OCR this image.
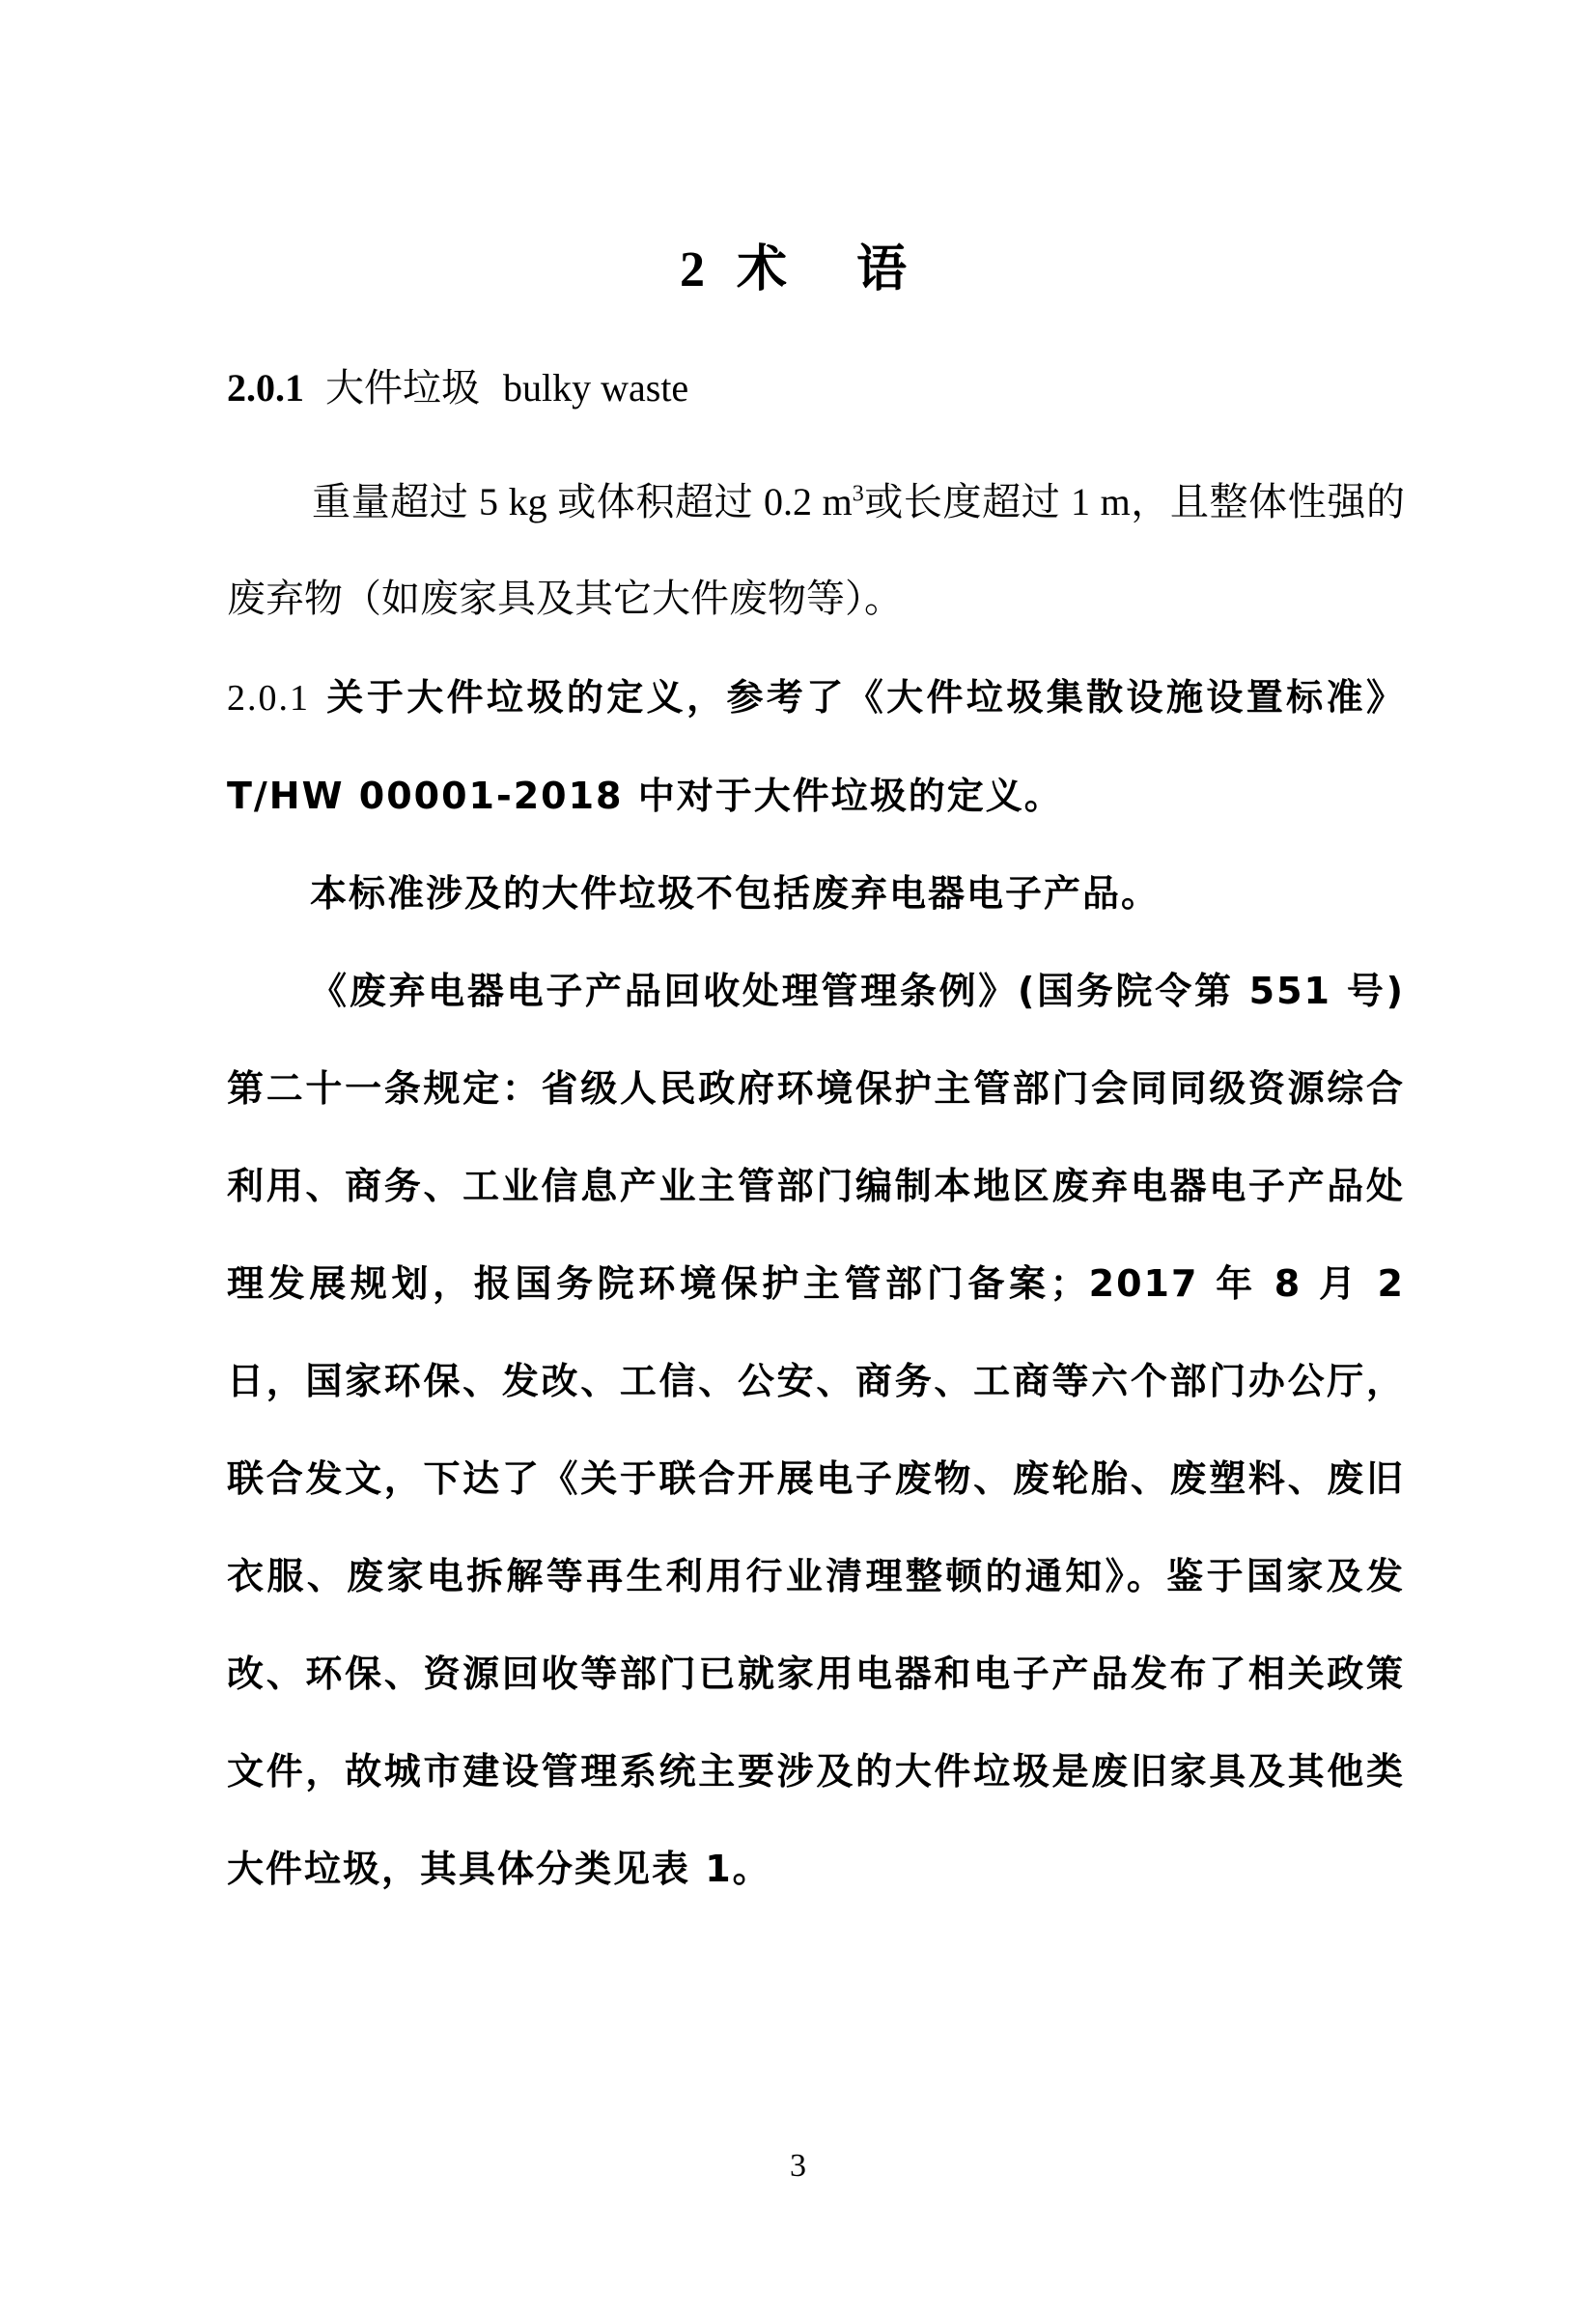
2 术　语
2.0.1 大件垃圾 bulky waste
重量超过 5 kg 或体积超过 0.2 $m^3$或长度超过 1 m，且整体性强的废弃物（如废家具及其它大件废物等）。

2.0.1 关于大件垃圾的定义，参考了《大件垃圾集散设施设置标准》T/HW 00001-2018 中对于大件垃圾的定义。

本标准涉及的大件垃圾不包括废弃电器电子产品。

《废弃电器电子产品回收处理管理条例》(国务院令第 551 号)第二十一条规定：省级人民政府环境保护主管部门会同同级资源综合利用、商务、工业信息产业主管部门编制本地区废弃电器电子产品处理发展规划，报国务院环境保护主管部门备案；2017 年 8 月 2 日，国家环保、发改、工信、公安、商务、工商等六个部门办公厅，联合发文，下达了《关于联合开展电子废物、废轮胎、废塑料、废旧衣服、废家电拆解等再生利用行业清理整顿的通知》。鉴于国家及发改、环保、资源回收等部门已就家用电器和电子产品发布了相关政策文件，故城市建设管理系统主要涉及的大件垃圾是废旧家具及其他类大件垃圾，其具体分类见表 1。

3
